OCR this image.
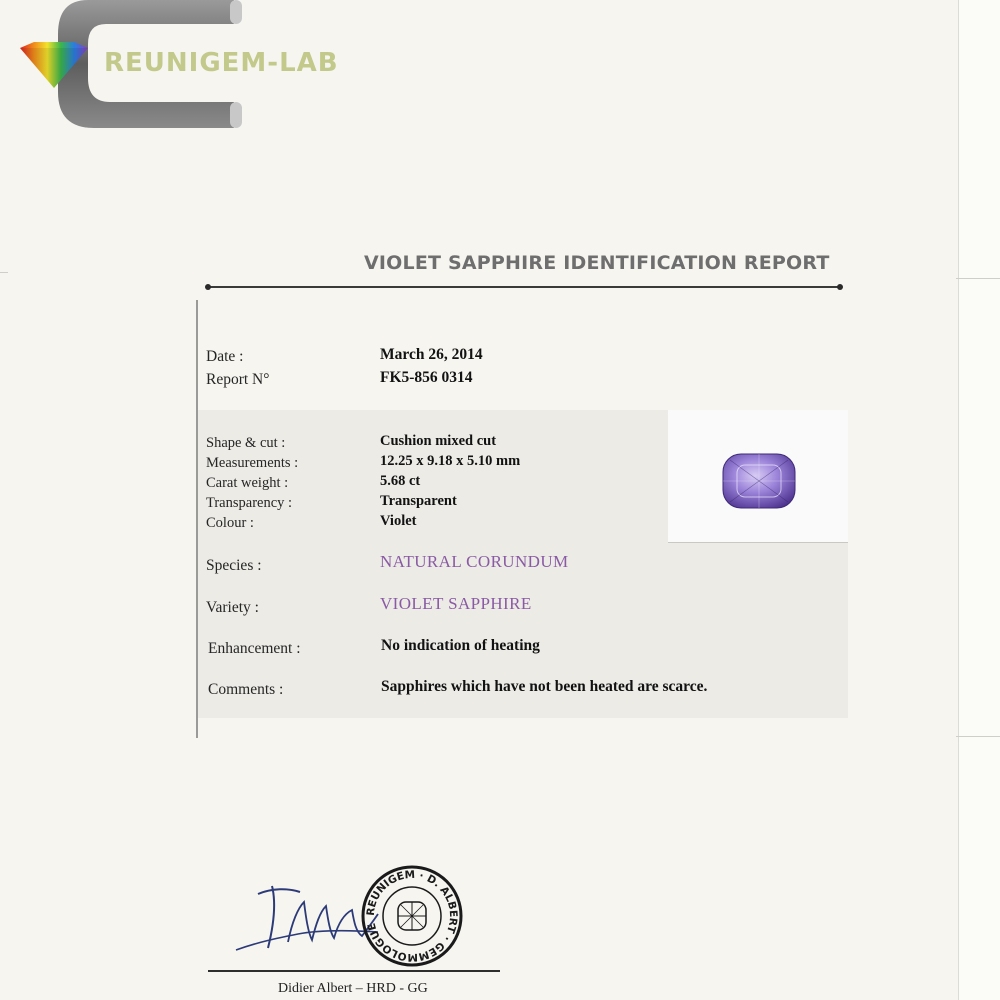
REUNIGEM-LAB
VIOLET SAPPHIRE IDENTIFICATION REPORT
Date :	March 26, 2014
Report N°	FK5-856 0314
Shape & cut :	Cushion mixed cut
Measurements :	12.25 x 9.18 x 5.10 mm
Carat weight :	5.68 ct
Transparency :	Transparent
Colour :	Violet
Species :	NATURAL CORUNDUM
Variety :	VIOLET SAPPHIRE
Enhancement :	No indication of heating
Comments :	Sapphires which have not been heated are scarce.
REUNIGEM · D. ALBERT · GEMMOLOGUE
Didier Albert – HRD - GG
